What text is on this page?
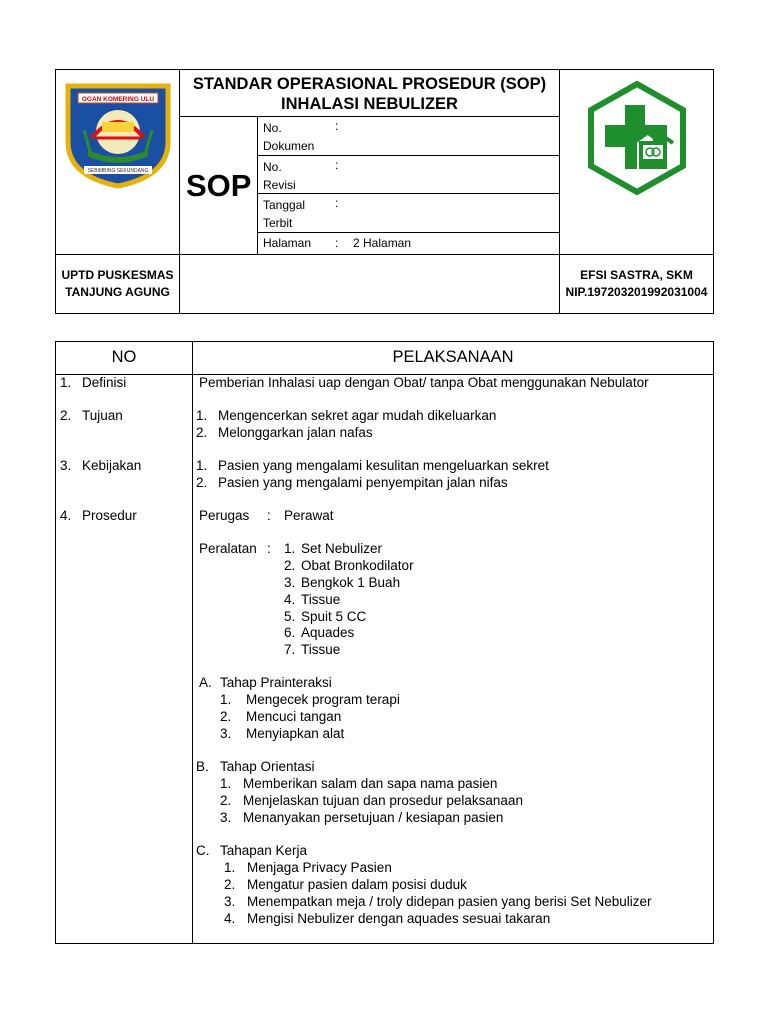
OGAN KOMERING ULU
SEBIMBING SEKUNDANG
STANDAR OPERASIONAL PROSEDUR (SOP)
INHALASI NEBULIZER
SOP
No.
Dokumen
:
No.
Revisi
:
Tanggal
Terbit
:
Halaman : 2 Halaman
UPTD PUSKESMAS
TANJUNG AGUNG
EFSI SASTRA, SKM
NIP.197203201992031004
NO	PELAKSANAAN
1. Definisi
2. Tujuan
3. Kebijakan
4. Prosedur
Pemberian Inhalasi uap dengan Obat/ tanpa Obat menggunakan Nebulator
1. Mengencerkan sekret agar mudah dikeluarkan
2. Melonggarkan jalan nafas
1. Pasien yang mengalami kesulitan mengeluarkan sekret
2. Pasien yang mengalami penyempitan jalan nifas
Perugas : Perawat
Peralatan : 1. Set Nebulizer
2. Obat Bronkodilator
3. Bengkok 1 Buah
4. Tissue
5. Spuit 5 CC
6. Aquades
7. Tissue
A. Tahap Prainteraksi
1. Mengecek program terapi
2. Mencuci tangan
3. Menyiapkan alat
B. Tahap Orientasi
1. Memberikan salam dan sapa nama pasien
2. Menjelaskan tujuan dan prosedur pelaksanaan
3. Menanyakan persetujuan / kesiapan pasien
C. Tahapan Kerja
1. Menjaga Privacy Pasien
2. Mengatur pasien dalam posisi duduk
3. Menempatkan meja / troly didepan pasien yang berisi Set Nebulizer
4. Mengisi Nebulizer dengan aquades sesuai takaran
